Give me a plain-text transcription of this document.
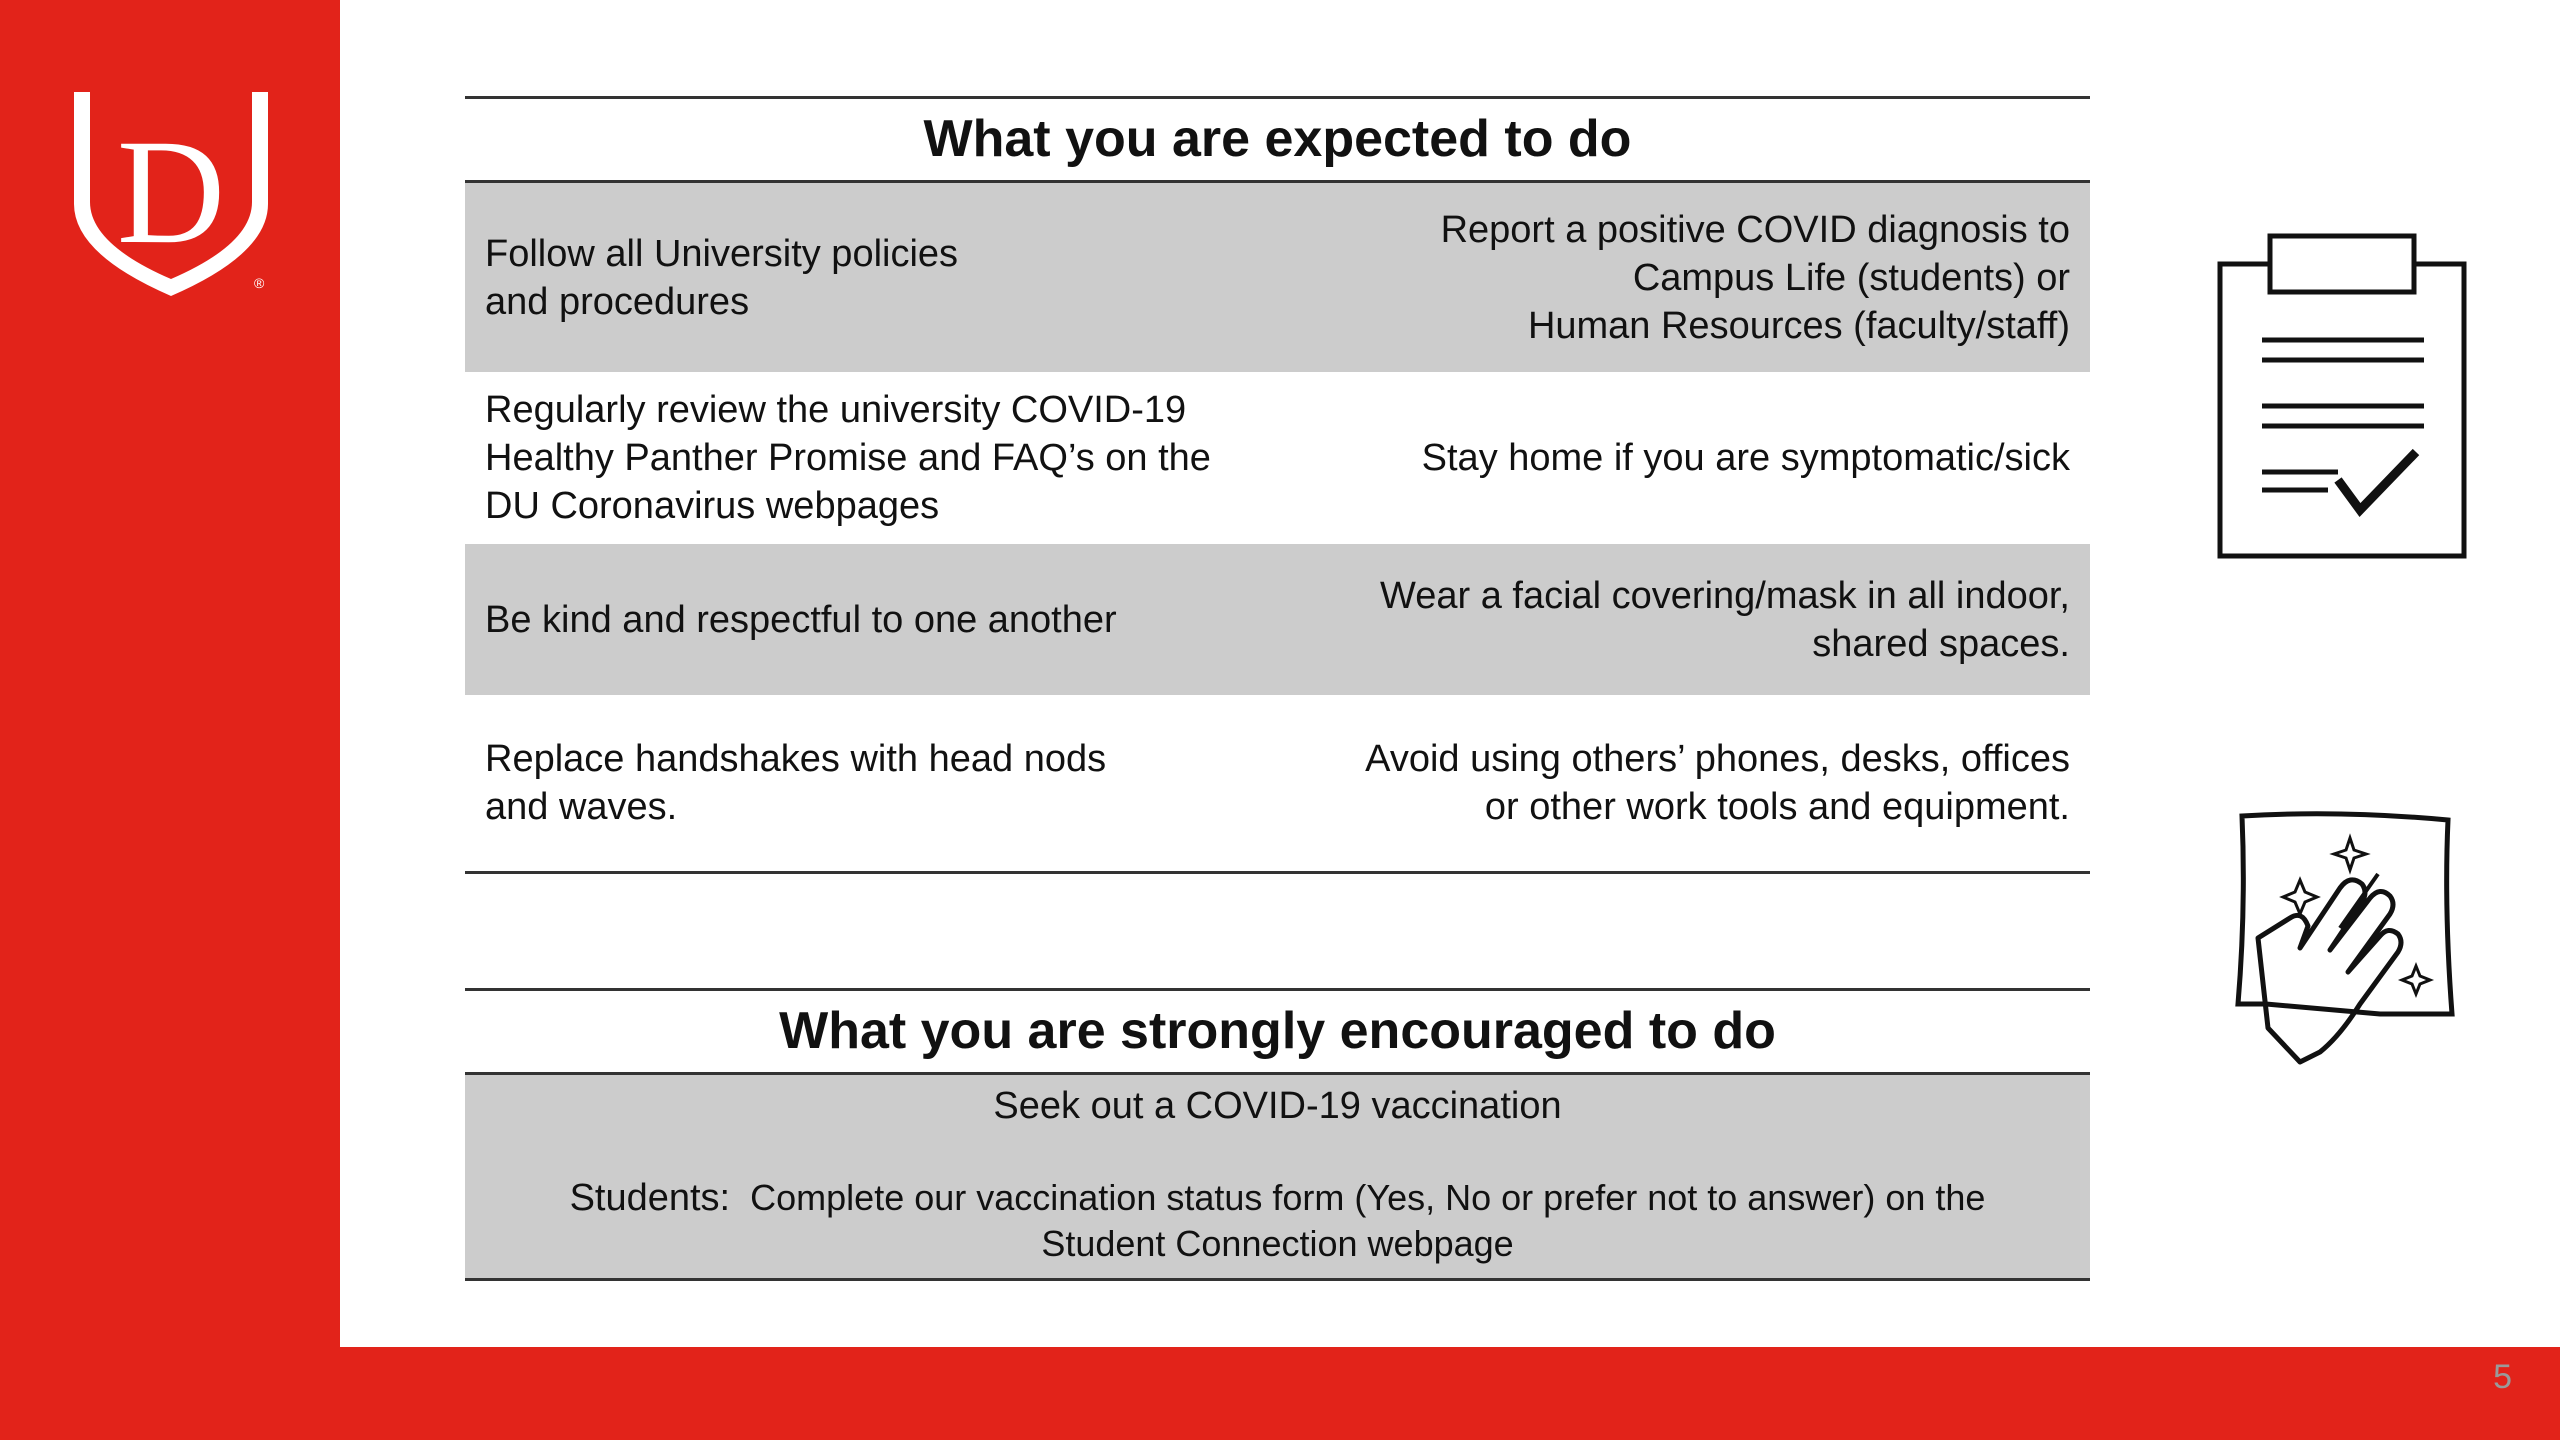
D
®
5
What you are expected to do
Follow all University policies
and procedures
Report a positive COVID diagnosis to
Campus Life (students) or
Human Resources (faculty/staff)
Regularly review the university COVID-19
Healthy Panther Promise and FAQ’s on the
DU Coronavirus webpages
Stay home if you are symptomatic/sick
Be kind and respectful to one another
Wear a facial covering/mask in all indoor,
shared spaces.
Replace handshakes with head nods
and waves.
Avoid using others’ phones, desks, offices
or other work tools and equipment.
What you are strongly encouraged to do
Seek out a COVID-19 vaccination
Students: Complete our vaccination status form (Yes, No or prefer not to answer) on the
Student Connection webpage
